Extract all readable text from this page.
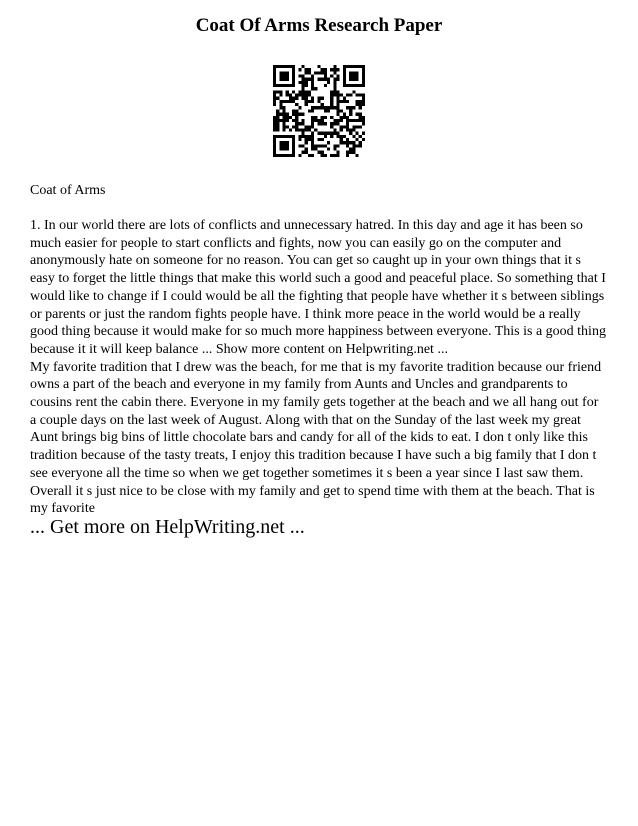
Coat Of Arms Research Paper
Coat of Arms

1. In our world there are lots of conflicts and unnecessary hatred. In this day and age it has been so much easier for people to start conflicts and fights, now you can easily go on the computer and anonymously hate on someone for no reason. You can get so caught up in your own things that it s easy to forget the little things that make this world such a good and peaceful place. So something that I would like to change if I could would be all the fighting that people have whether it s between siblings or parents or just the random fights people have. I think more peace in the world would be a really good thing because it would make for so much more happiness between everyone. This is a good thing because it it will keep balance ... Show more content on Helpwriting.net ...

My favorite tradition that I drew was the beach, for me that is my favorite tradition because our friend owns a part of the beach and everyone in my family from Aunts and Uncles and grandparents to cousins rent the cabin there. Everyone in my family gets together at the beach and we all hang out for a couple days on the last week of August. Along with that on the Sunday of the last week my great Aunt brings big bins of little chocolate bars and candy for all of the kids to eat. I don t only like this tradition because of the tasty treats, I enjoy this tradition because I have such a big family that I don t see everyone all the time so when we get together sometimes it s been a year since I last saw them. Overall it s just nice to be close with my family and get to spend time with them at the beach. That is my favorite

... Get more on HelpWriting.net ...
